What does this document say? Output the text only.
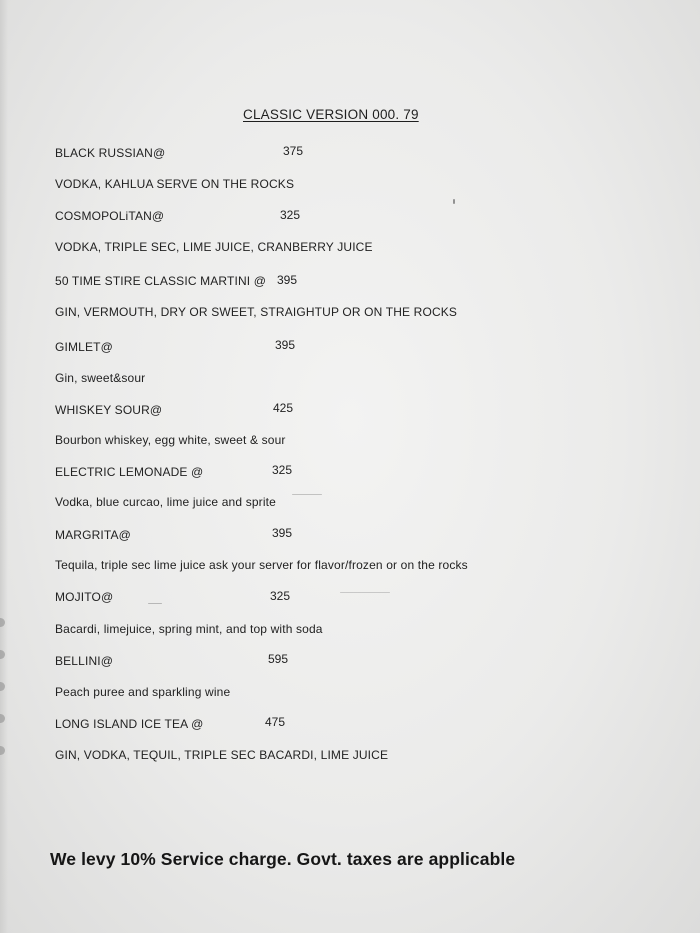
CLASSIC VERSION 000. 79
BLACK RUSSIAN@	375
VODKA, KAHLUA SERVE ON THE ROCKS
COSMOPOLiTAN@	325
VODKA, TRIPLE SEC, LIME JUICE, CRANBERRY JUICE
50 TIME STIRE CLASSIC MARTINI @ 395
GIN, VERMOUTH, DRY OR SWEET, STRAIGHTUP OR ON THE ROCKS
GIMLET@	395
Gin, sweet&sour
WHISKEY SOUR@	425
Bourbon whiskey, egg white, sweet & sour
ELECTRIC LEMONADE @	325
Vodka, blue curcao, lime juice and sprite
MARGRITA@	395
Tequila, triple sec lime juice ask your server for flavor/frozen or on the rocks
MOJITO@	325
Bacardi, limejuice, spring mint, and top with soda
BELLINI@	595
Peach puree and sparkling wine
LONG ISLAND ICE TEA @	475
GIN, VODKA, TEQUIL, TRIPLE SEC BACARDI, LIME JUICE
We levy 10% Service charge. Govt. taxes are applicable
